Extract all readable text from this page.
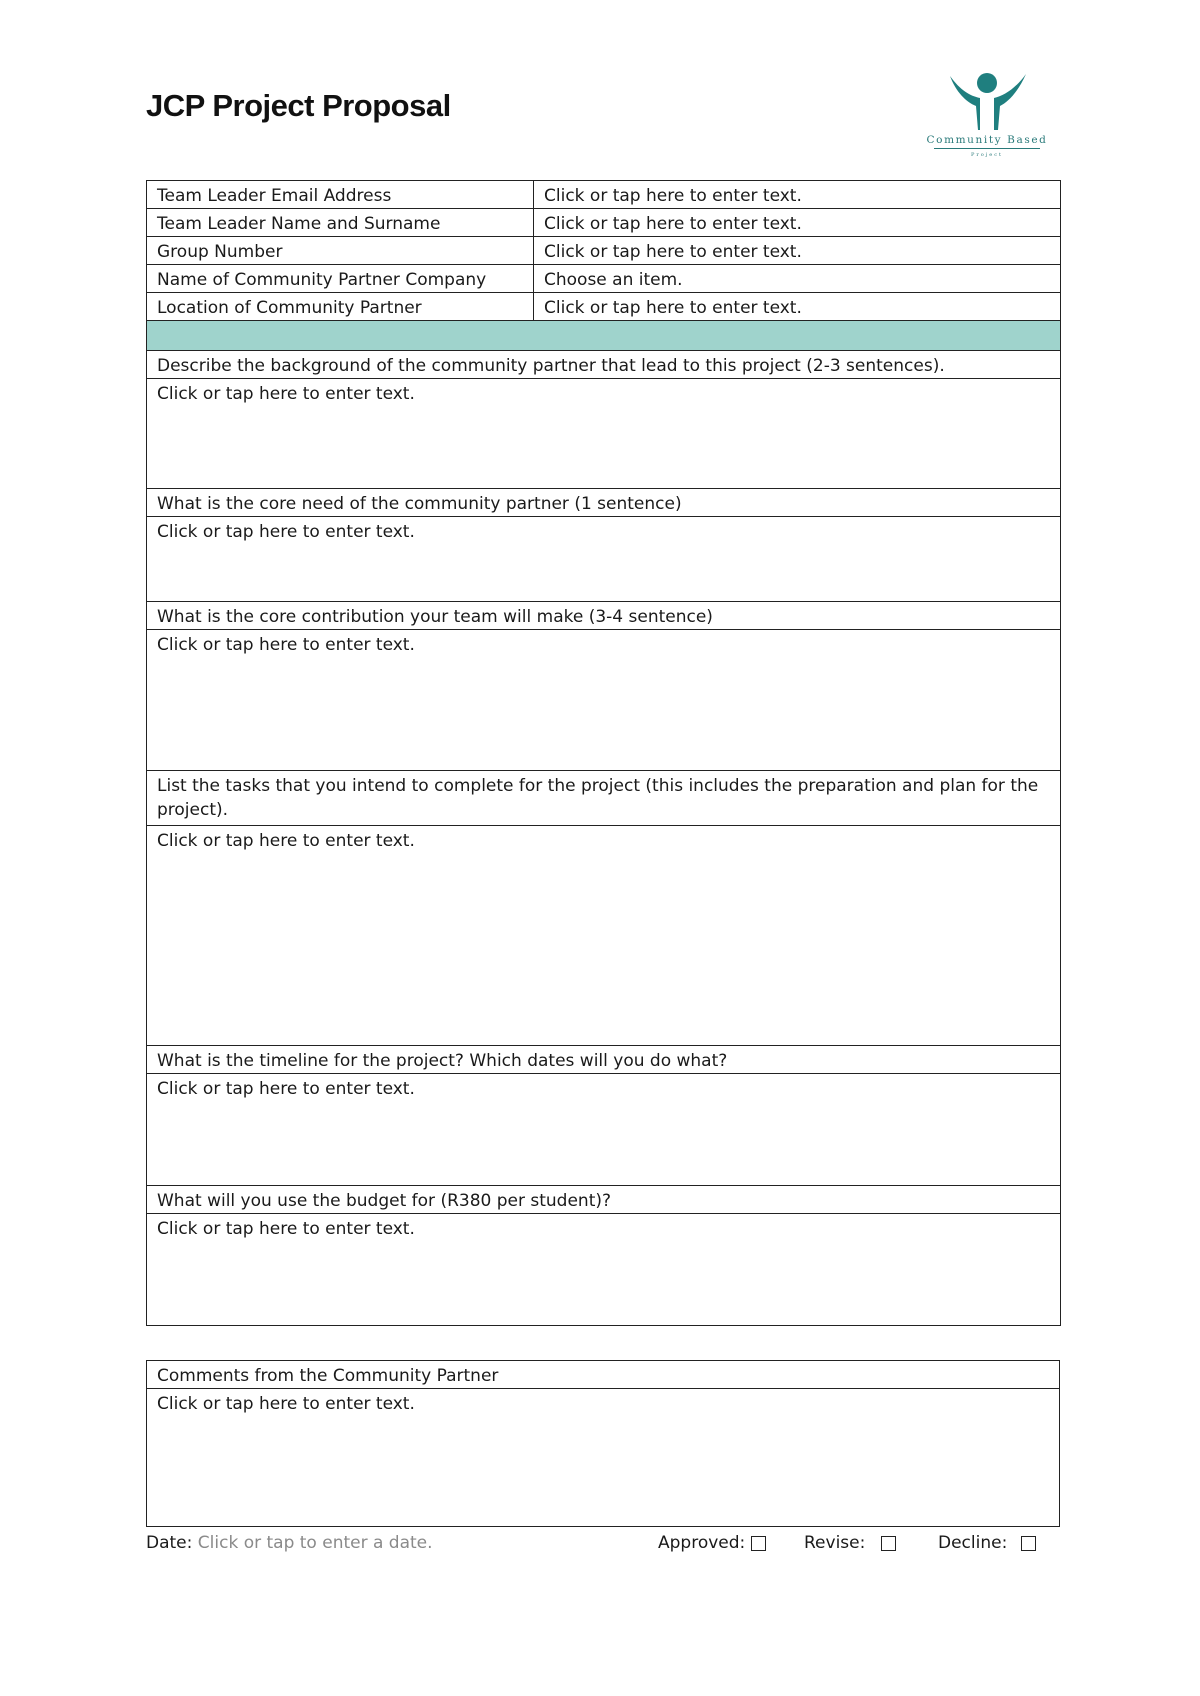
JCP Project Proposal
Community Based
Project
Team Leader Email Address	Click or tap here to enter text.
Team Leader Name and Surname	Click or tap here to enter text.
Group Number	Click or tap here to enter text.
Name of Community Partner Company	Choose an item.
Location of Community Partner	Click or tap here to enter text.

Describe the background of the community partner that lead to this project (2-3 sentences).	
Click or tap here to enter text.	
What is the core need of the community partner (1 sentence)	
Click or tap here to enter text.	
What is the core contribution your team will make (3-4 sentence)	
Click or tap here to enter text.	
List the tasks that you intend to complete for the project (this includes the preparation and plan for the project).	
Click or tap here to enter text.	
What is the timeline for the project? Which dates will you do what?	
Click or tap here to enter text.	
What will you use the budget for (R380 per student)?	
Click or tap here to enter text.	
Comments from the Community Partner
Click or tap here to enter text.
Date: Click or tap to enter a date.	Approved:	Revise:	Decline:
